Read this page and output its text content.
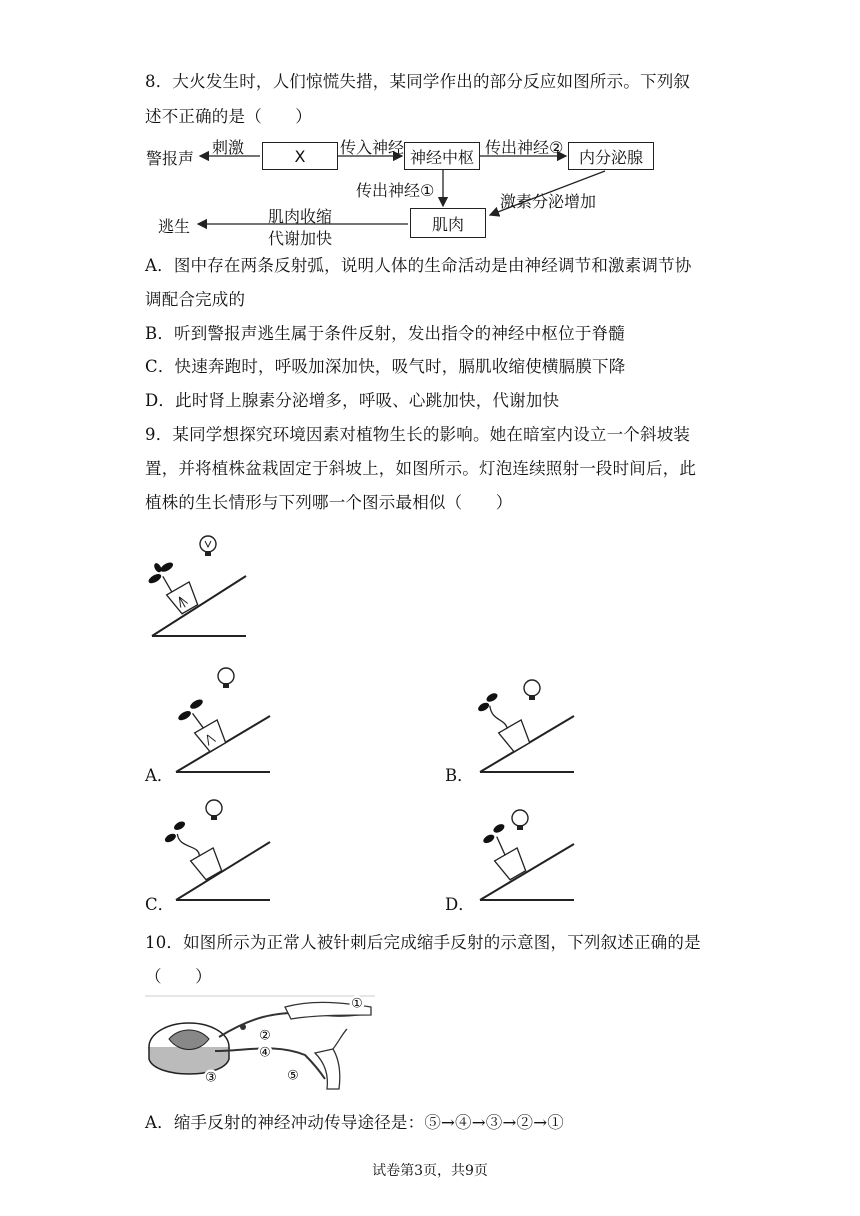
8．大火发生时，人们惊慌失措，某同学作出的部分反应如图所示。下列叙
述不正确的是（　　）
警报声
刺激	X	传入神经 神经中枢 传出神经② 内分泌腺
传出神经①
激素分泌增加
肌肉
肌肉收缩
代谢加快
逃生
A．图中存在两条反射弧，说明人体的生命活动是由神经调节和激素调节协
调配合完成的
B．听到警报声逃生属于条件反射，发出指令的神经中枢位于脊髓
C．快速奔跑时，呼吸加深加快，吸气时，膈肌收缩使横膈膜下降
D．此时肾上腺素分泌增多，呼吸、心跳加快，代谢加快
9．某同学想探究环境因素对植物生长的影响。她在暗室内设立一个斜坡装
置，并将植株盆栽固定于斜坡上，如图所示。灯泡连续照射一段时间后，此
植株的生长情形与下列哪一个图示最相似（　　）
A．	B．
C．	D．
10．如图所示为正常人被针刺后完成缩手反射的示意图，下列叙述正确的是
（　　）
①
②
③
④
⑤
A．缩手反射的神经冲动传导途径是：⑤→④→③→②→①
试卷第3页，共9页
